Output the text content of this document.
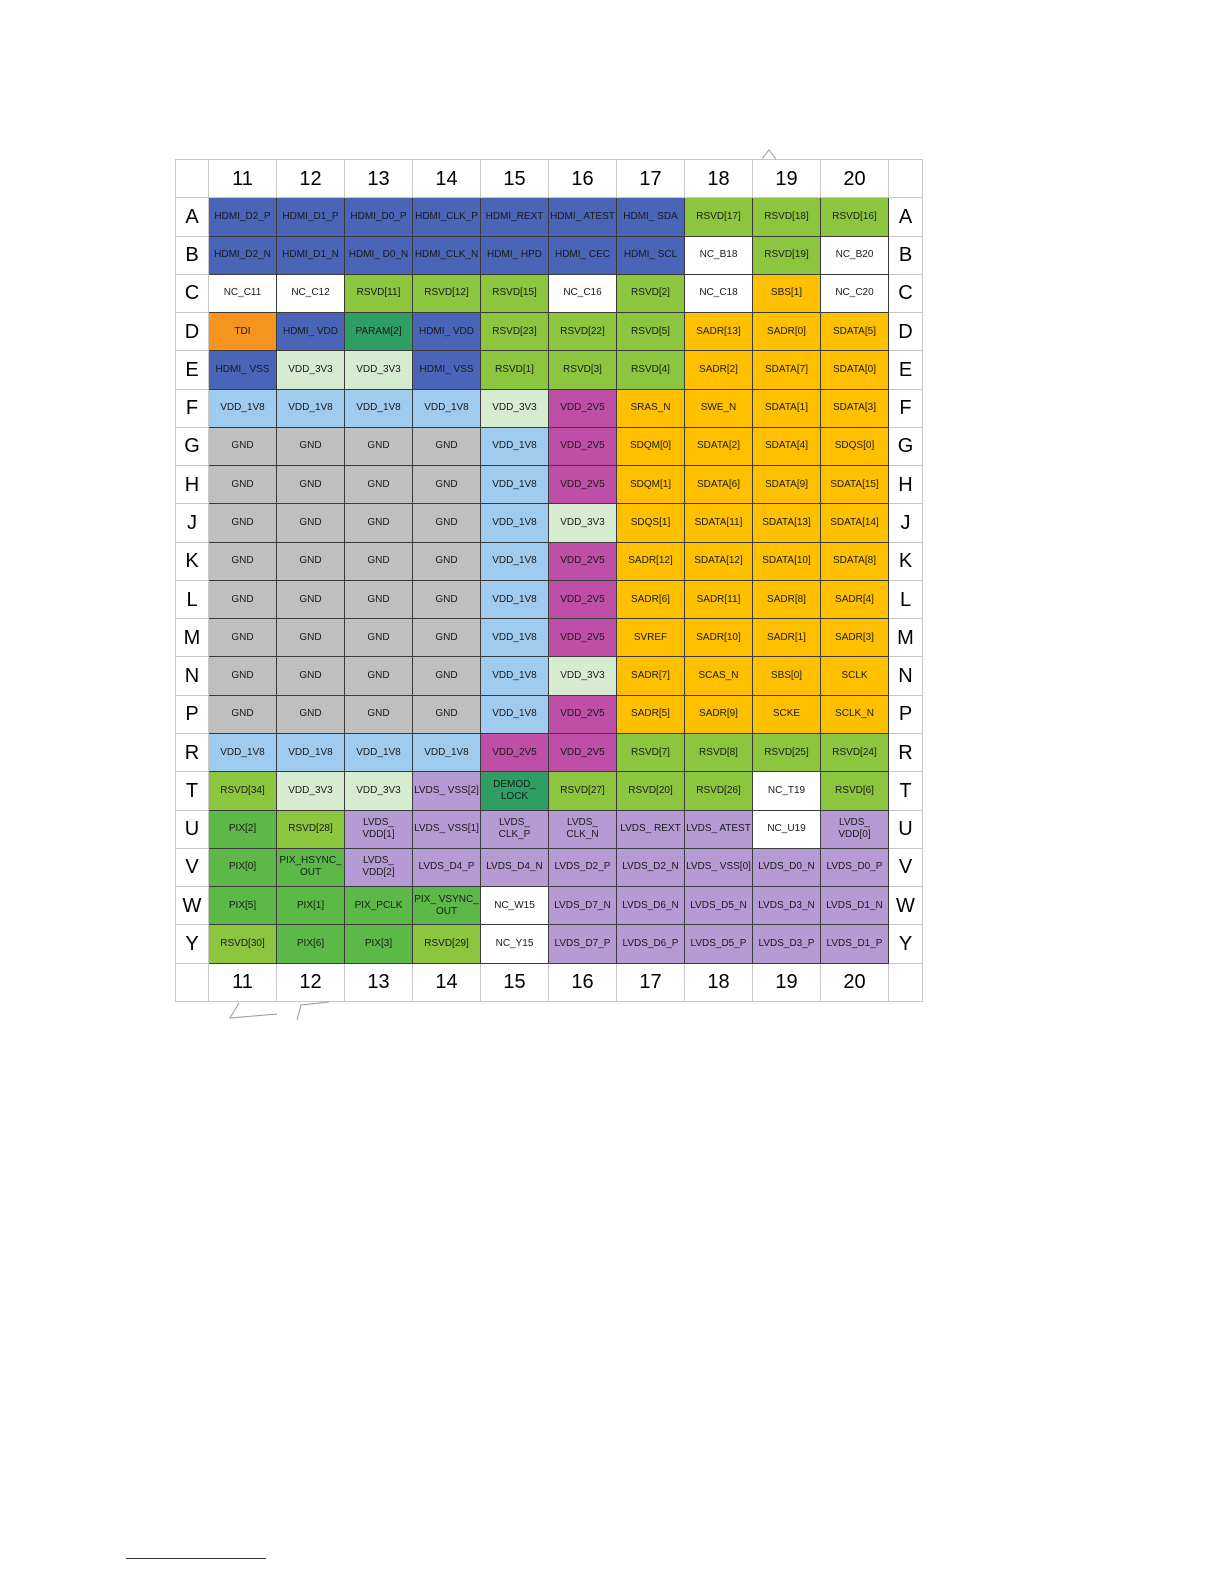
	11	12	13	14	15	16	17	18	19	20	
A	HDMI_D2_P	HDMI_D1_P	HDMI_D0_P	HDMI_CLK_P	HDMI_REXT	HDMI_ ATEST	HDMI_ SDA	RSVD[17]	RSVD[18]	RSVD[16]	A
B	HDMI_D2_N	HDMI_D1_N	HDMI_ D0_N	HDMI_CLK_N	HDMI_ HPD	HDMI_ CEC	HDMI_ SCL	NC_B18	RSVD[19]	NC_B20	B
C	NC_C11	NC_C12	RSVD[11]	RSVD[12]	RSVD[15]	NC_C16	RSVD[2]	NC_C18	SBS[1]	NC_C20	C
D	TDI	HDMI_ VDD	PARAM[2]	HDMI_ VDD	RSVD[23]	RSVD[22]	RSVD[5]	SADR[13]	SADR[0]	SDATA[5]	D
E	HDMI_ VSS	VDD_3V3	VDD_3V3	HDMI_ VSS	RSVD[1]	RSVD[3]	RSVD[4]	SADR[2]	SDATA[7]	SDATA[0]	E
F	VDD_1V8	VDD_1V8	VDD_1V8	VDD_1V8	VDD_3V3	VDD_2V5	SRAS_N	SWE_N	SDATA[1]	SDATA[3]	F
G	GND	GND	GND	GND	VDD_1V8	VDD_2V5	SDQM[0]	SDATA[2]	SDATA[4]	SDQS[0]	G
H	GND	GND	GND	GND	VDD_1V8	VDD_2V5	SDQM[1]	SDATA[6]	SDATA[9]	SDATA[15]	H
J	GND	GND	GND	GND	VDD_1V8	VDD_3V3	SDQS[1]	SDATA[11]	SDATA[13]	SDATA[14]	J
K	GND	GND	GND	GND	VDD_1V8	VDD_2V5	SADR[12]	SDATA[12]	SDATA[10]	SDATA[8]	K
L	GND	GND	GND	GND	VDD_1V8	VDD_2V5	SADR[6]	SADR[11]	SADR[8]	SADR[4]	L
M	GND	GND	GND	GND	VDD_1V8	VDD_2V5	SVREF	SADR[10]	SADR[1]	SADR[3]	M
N	GND	GND	GND	GND	VDD_1V8	VDD_3V3	SADR[7]	SCAS_N	SBS[0]	SCLK	N
P	GND	GND	GND	GND	VDD_1V8	VDD_2V5	SADR[5]	SADR[9]	SCKE	SCLK_N	P
R	VDD_1V8	VDD_1V8	VDD_1V8	VDD_1V8	VDD_2V5	VDD_2V5	RSVD[7]	RSVD[8]	RSVD[25]	RSVD[24]	R
T	RSVD[34]	VDD_3V3	VDD_3V3	LVDS_ VSS[2]	DEMOD_ LOCK	RSVD[27]	RSVD[20]	RSVD[26]	NC_T19	RSVD[6]	T
U	PIX[2]	RSVD[28]	LVDS_ VDD[1]	LVDS_ VSS[1]	LVDS_ CLK_P	LVDS_ CLK_N	LVDS_ REXT	LVDS_ ATEST	NC_U19	LVDS_ VDD[0]	U
V	PIX[0]	PIX_HSYNC_ OUT	LVDS_ VDD[2]	LVDS_D4_P	LVDS_D4_N	LVDS_D2_P	LVDS_D2_N	LVDS_ VSS[0]	LVDS_D0_N	LVDS_D0_P	V
W	PIX[5]	PIX[1]	PIX_PCLK	PIX_ VSYNC_ OUT	NC_W15	LVDS_D7_N	LVDS_D6_N	LVDS_D5_N	LVDS_D3_N	LVDS_D1_N	W
Y	RSVD[30]	PIX[6]	PIX[3]	RSVD[29]	NC_Y15	LVDS_D7_P	LVDS_D6_P	LVDS_D5_P	LVDS_D3_P	LVDS_D1_P	Y
	11	12	13	14	15	16	17	18	19	20	
